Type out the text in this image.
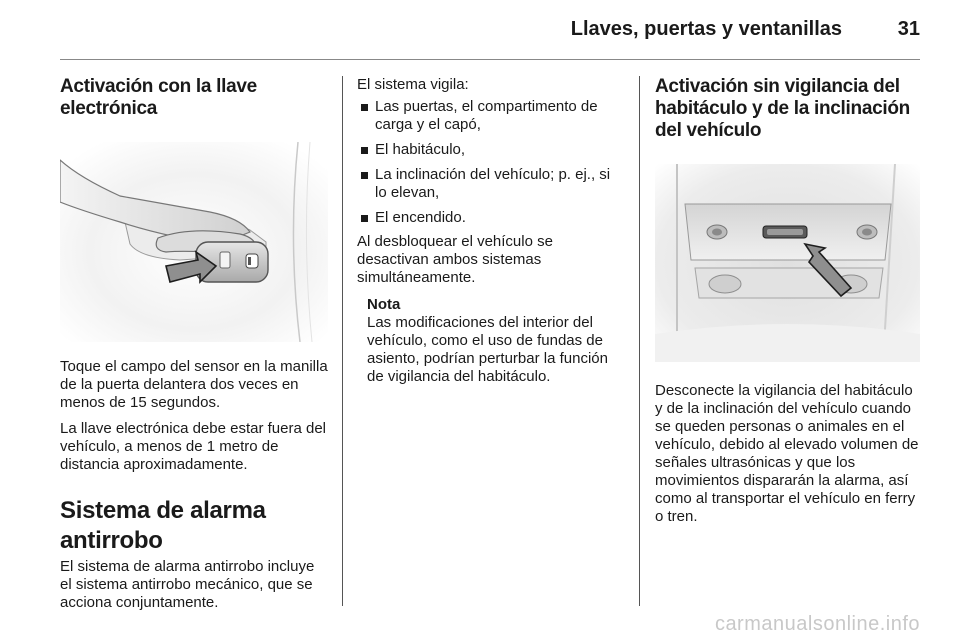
Llaves, puertas y ventanillas	31
Activación con la llave electrónica

Toque el campo del sensor en la manilla de la puerta delantera dos veces en menos de 15 segundos.

La llave electrónica debe estar fuera del vehículo, a menos de 1 metro de distancia aproximadamente.

Sistema de alarma antirrobo

El sistema de alarma antirrobo incluye el sistema antirrobo mecánico, que se acciona conjuntamente.

El sistema vigila:

Las puertas, el compartimento de carga y el capó,
El habitáculo,
La inclinación del vehículo; p. ej., si lo elevan,
El encendido.

Al desbloquear el vehículo se desactivan ambos sistemas simultáneamente.

Nota

Las modificaciones del interior del vehículo, como el uso de fundas de asiento, podrían perturbar la función de vigilancia del habitáculo.

Activación sin vigilancia del habitáculo y de la inclinación del vehículo

Desconecte la vigilancia del habitáculo y de la inclinación del vehículo cuando se queden personas o animales en el vehículo, debido al elevado volumen de señales ultrasónicas y que los movimientos dispararán la alarma, así como al transportar el vehículo en ferry o tren.

carmanualsonline.info
